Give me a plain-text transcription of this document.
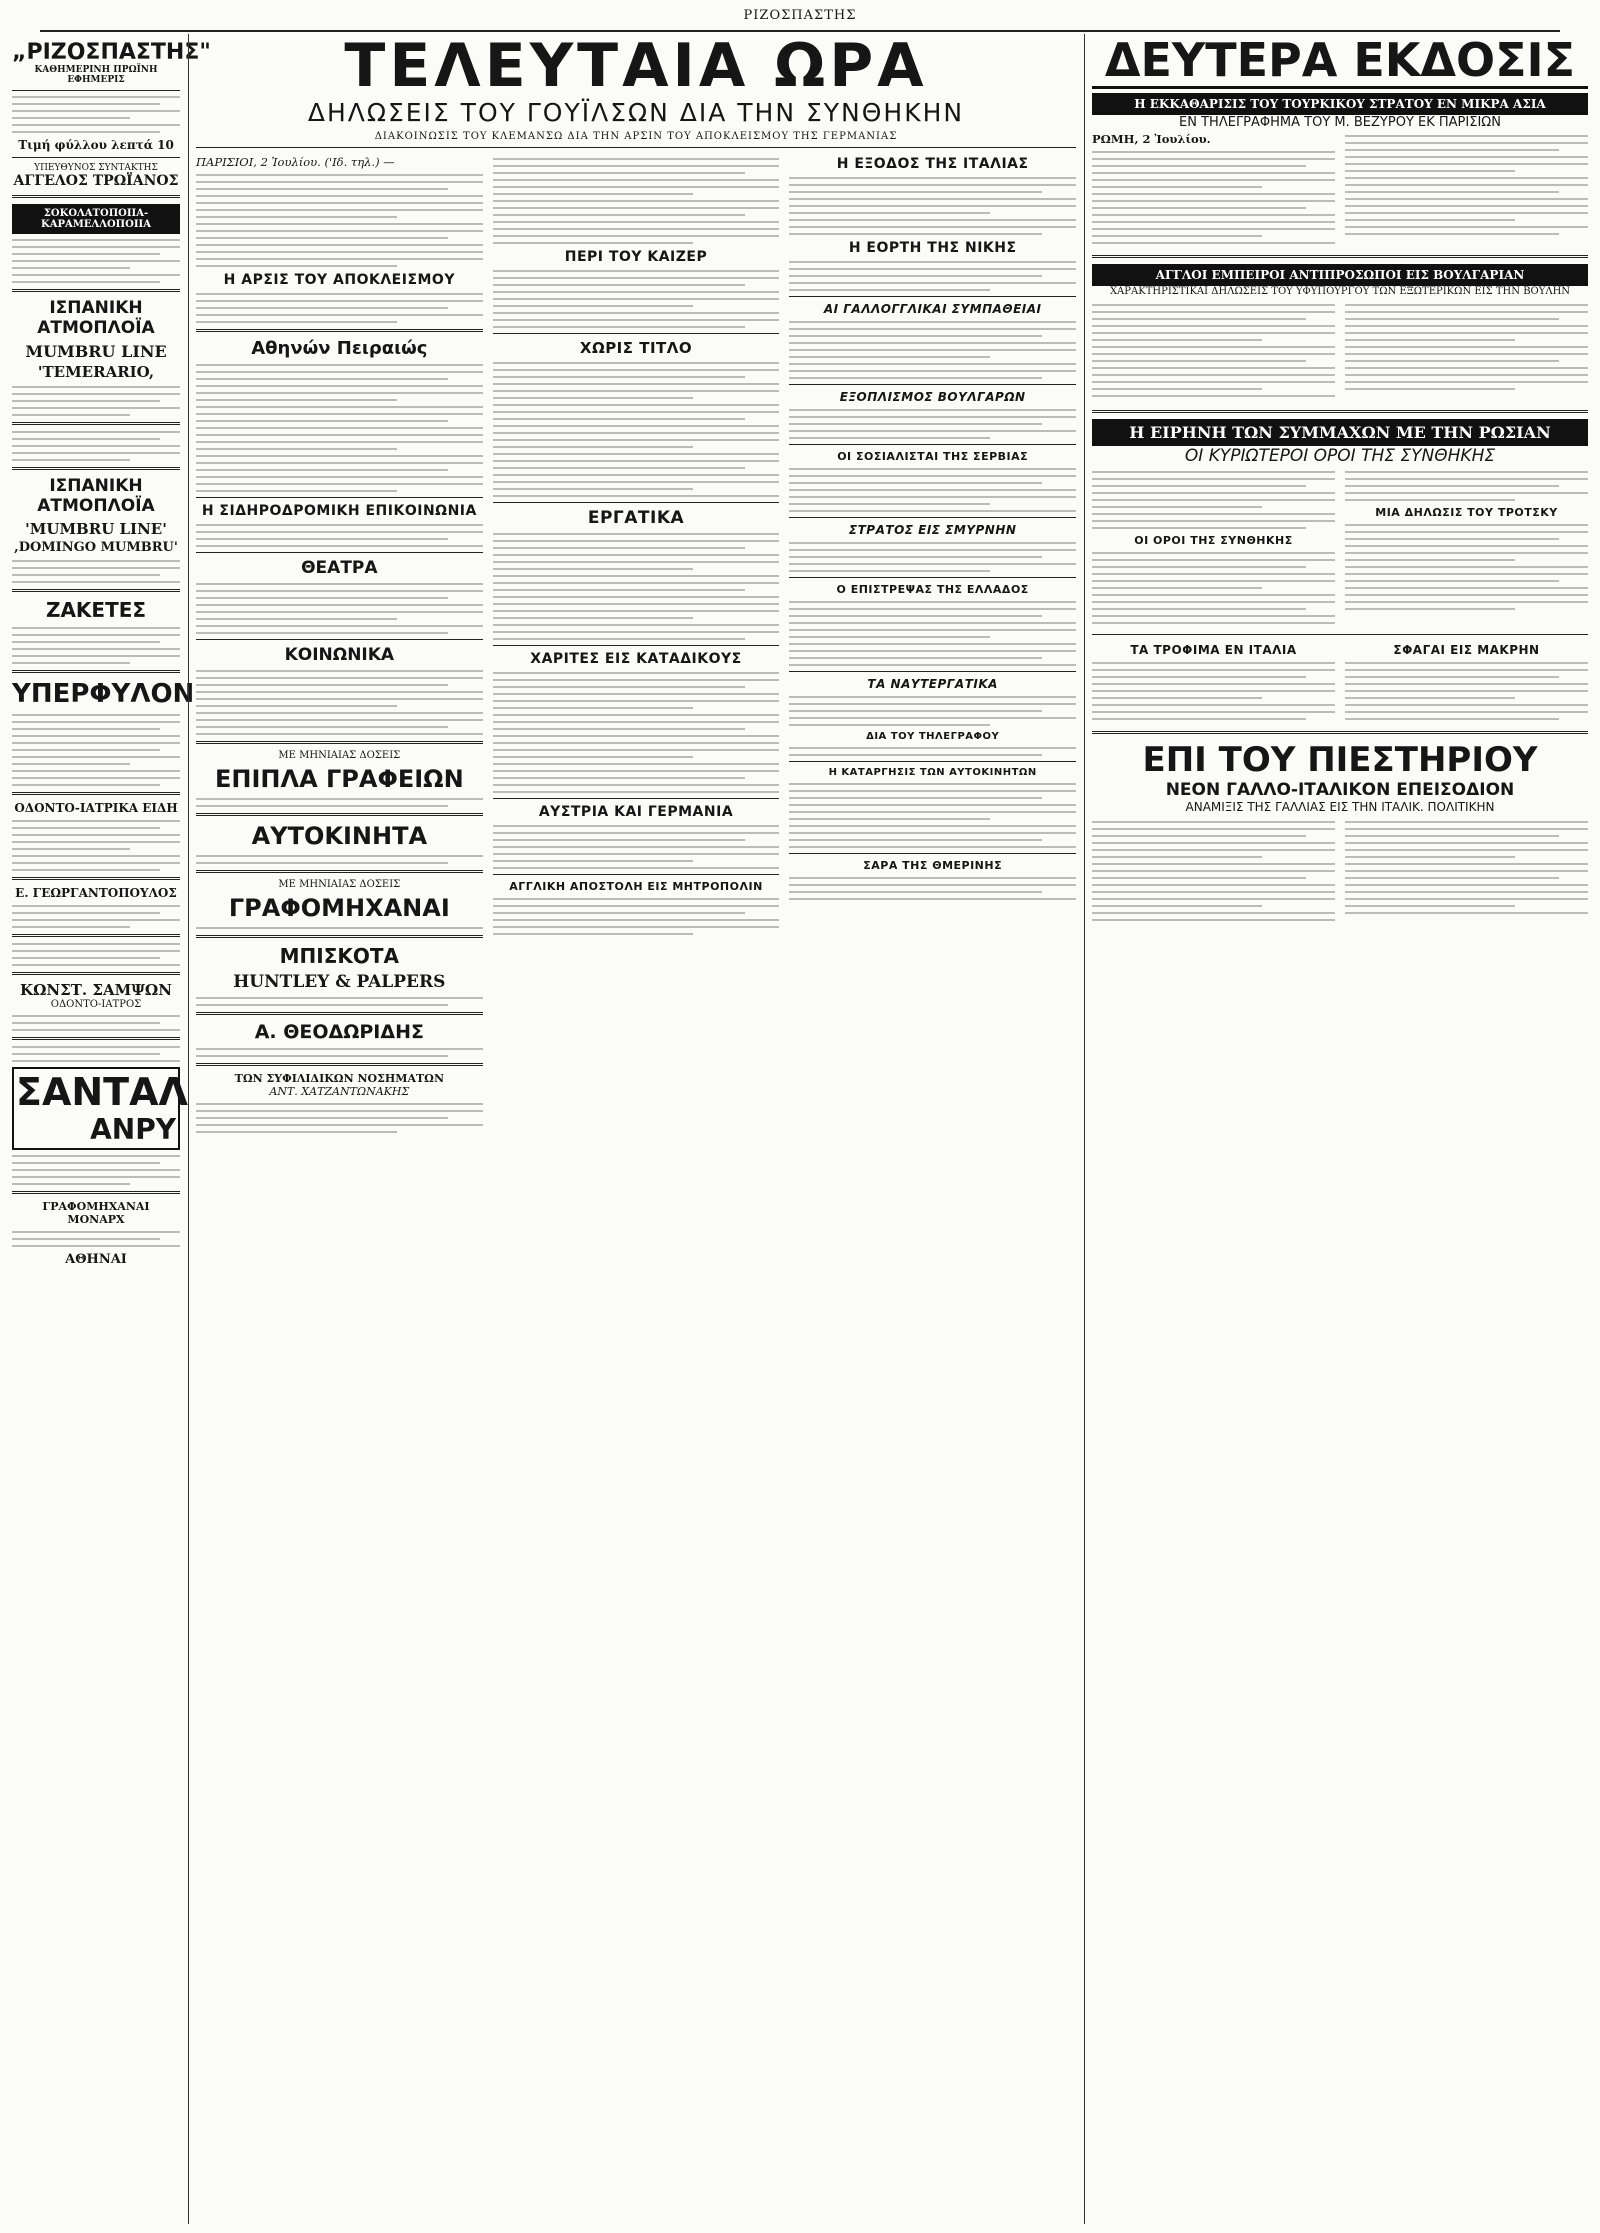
ΡΙΖΟΣΠΑΣΤΗΣ
„ΡΙΖΟΣΠΑΣΤΗΣ"
ΚΑΘΗΜΕΡΙΝΗ ΠΡΩΪΝΗ ΕΦΗΜΕΡΙΣ
Τιμή φύλλου λεπτά 10
ΥΠΕΥΘΥΝΟΣ ΣΥΝΤΑΚΤΗΣ
ΑΓΓΕΛΟΣ ΤΡΩΪΑΝΟΣ
ΣΟΚΟΛΑΤΟΠΟΙΙΑ-ΚΑΡΑΜΕΛΛΟΠΟΙΙΑ
ΙΣΠΑΝΙΚΗ ΑΤΜΟΠΛΟΪΑ
MUMBRU LINE
'TEMERARIO,
ΙΣΠΑΝΙΚΗ ΑΤΜΟΠΛΟΪΑ
'MUMBRU LINE'
,DOMINGO MUMBRU'
ΖΑΚΕΤΕΣ
ΥΠΕΡΦΥΛΟΝ
ΟΔΟΝΤΟ-ΙΑΤΡΙΚΑ ΕΙΔΗ
Ε. ΓΕΩΡΓΑΝΤΟΠΟΥΛΟΣ
ΚΩΝΣΤ. ΣΑΜΨΩΝ
ΟΔΟΝΤΟ-ΙΑΤΡΟΣ
ΣΑΝΤΑΛ
ΑΝΡΥ
ΓΡΑΦΟΜΗΧΑΝΑΙ ΜΟΝΑΡΧ
ΑΘΗΝΑΙ
ΤΕΛΕΥΤΑΙΑ ΩΡΑ
ΔΗΛΩΣΕΙΣ ΤΟΥ ΓΟΥΪΛΣΩΝ ΔΙΑ ΤΗΝ ΣΥΝΘΗΚΗΝ
ΔΙΑΚΟΙΝΩΣΙΣ ΤΟΥ ΚΛΕΜΑΝΣΩ ΔΙΑ ΤΗΝ ΑΡΣΙΝ ΤΟΥ ΑΠΟΚΛΕΙΣΜΟΥ ΤΗΣ ΓΕΡΜΑΝΙΑΣ
ΠΑΡΙΣΙΟΙ, 2 Ἰουλίου. ('Ιδ. τηλ.) —
Η ΑΡΣΙΣ ΤΟΥ ΑΠΟΚΛΕΙΣΜΟΥ
Αθηνών Πειραιώς
Η ΣΙΔΗΡΟΔΡΟΜΙΚΗ ΕΠΙΚΟΙΝΩΝΙΑ
ΘΕΑΤΡΑ
ΚΟΙΝΩΝΙΚΑ
ΜΕ ΜΗΝΙΑΙΑΣ ΔΟΣΕΙΣ
ΕΠΙΠΛΑ ΓΡΑΦΕΙΩΝ
ΑΥΤΟΚΙΝΗΤΑ
ΜΕ ΜΗΝΙΑΙΑΣ ΔΟΣΕΙΣ
ΓΡΑΦΟΜΗΧΑΝΑΙ
ΜΠΙΣΚΟΤΑ
HUNTLEY & PALPERS
Α. ΘΕΟΔΩΡΙΔΗΣ
ΤΩΝ ΣΥΦΙΛΙΔΙΚΩΝ ΝΟΣΗΜΑΤΩΝ
ΑΝΤ. ΧΑΤΖΑΝΤΩΝΑΚΗΣ
ΠΕΡΙ ΤΟΥ ΚΑΙΖΕΡ
ΧΩΡΙΣ ΤΙΤΛΟ
ΕΡΓΑΤΙΚΑ
ΧΑΡΙΤΕΣ ΕΙΣ ΚΑΤΑΔΙΚΟΥΣ
ΑΥΣΤΡΙΑ ΚΑΙ ΓΕΡΜΑΝΙΑ
ΑΓΓΛΙΚΗ ΑΠΟΣΤΟΛΗ ΕΙΣ ΜΗΤΡΟΠΟΛΙΝ
Η ΕΞΟΔΟΣ ΤΗΣ ΙΤΑΛΙΑΣ
Η ΕΟΡΤΗ ΤΗΣ ΝΙΚΗΣ
ΑΙ ΓΑΛΛΟΓΓΛΙΚΑΙ ΣΥΜΠΑΘΕΙΑΙ
ΕΞΟΠΛΙΣΜΟΣ ΒΟΥΛΓΑΡΩΝ
ΟΙ ΣΟΣΙΑΛΙΣΤΑΙ ΤΗΣ ΣΕΡΒΙΑΣ
ΣΤΡΑΤΟΣ ΕΙΣ ΣΜΥΡΝΗΝ
Ο ΕΠΙΣΤΡΕΨΑΣ ΤΗΣ ΕΛΛΑΔΟΣ
ΤΑ ΝΑΥΤΕΡΓΑΤΙΚΑ
ΔΙΑ ΤΟΥ ΤΗΛΕΓΡΑΦΟΥ
Η ΚΑΤΑΡΓΗΣΙΣ ΤΩΝ ΑΥΤΟΚΙΝΗΤΩΝ
ΣΑΡΑ ΤΗΣ ΘΜΕΡΙΝΗΣ
ΔΕΥΤΕΡΑ ΕΚΔΟΣΙΣ
Η ΕΚΚΑΘΑΡΙΣΙΣ ΤΟΥ ΤΟΥΡΚΙΚΟΥ ΣΤΡΑΤΟΥ ΕΝ ΜΙΚΡΑ ΑΣΙΑ
ΕΝ ΤΗΛΕΓΡΑΦΗΜΑ ΤΟΥ Μ. ΒΕΖΥΡΟΥ ΕΚ ΠΑΡΙΣΙΩΝ
ΡΩΜΗ, 2 Ἰουλίου.
ΑΓΓΛΟΙ ΕΜΠΕΙΡΟΙ ΑΝΤΙΠΡΟΣΩΠΟΙ ΕΙΣ ΒΟΥΛΓΑΡΙΑΝ
ΧΑΡΑΚΤΗΡΙΣΤΙΚΑΙ ΔΗΛΩΣΕΙΣ ΤΟΥ ΥΦΥΠΟΥΡΓΟΥ ΤΩΝ ΕΞΩΤΕΡΙΚΩΝ ΕΙΣ ΤΗΝ ΒΟΥΛΗΝ
Η ΕΙΡΗΝΗ ΤΩΝ ΣΥΜΜΑΧΩΝ ΜΕ ΤΗΝ ΡΩΣΙΑΝ
ΟΙ ΚΥΡΙΩΤΕΡΟΙ ΟΡΟΙ ΤΗΣ ΣΥΝΘΗΚΗΣ
ΟΙ ΟΡΟΙ ΤΗΣ ΣΥΝΘΗΚΗΣ
ΜΙΑ ΔΗΛΩΣΙΣ ΤΟΥ ΤΡΟΤΣΚΥ
ΤΑ ΤΡΟΦΙΜΑ ΕΝ ΙΤΑΛΙΑ	ΣΦΑΓΑΙ ΕΙΣ ΜΑΚΡΗΝ
ΕΠΙ ΤΟΥ ΠΙΕΣΤΗΡΙΟΥ
ΝΕΟΝ ΓΑΛΛΟ-ΙΤΑΛΙΚΟΝ ΕΠΕΙΣΟΔΙΟΝ
ΑΝΑΜΙΞΙΣ ΤΗΣ ΓΑΛΛΙΑΣ ΕΙΣ ΤΗΝ ΙΤΑΛΙΚ. ΠΟΛΙΤΙΚΗΝ
